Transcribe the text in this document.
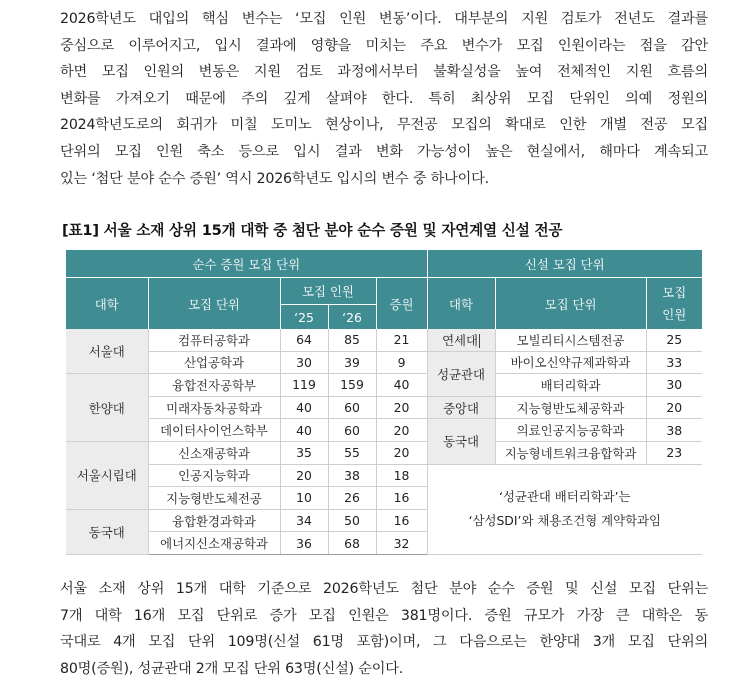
2026학년도 대입의 핵심 변수는 ‘모집 인원 변동’이다. 대부분의 지원 검토가 전년도 결과를
중심으로 이루어지고, 입시 결과에 영향을 미치는 주요 변수가 모집 인원이라는 점을 감안
하면 모집 인원의 변동은 지원 검토 과정에서부터 불확실성을 높여 전체적인 지원 흐름의
변화를 가져오기 때문에 주의 깊게 살펴야 한다. 특히 최상위 모집 단위인 의예 정원의
2024학년도로의 회귀가 미칠 도미노 현상이나, 무전공 모집의 확대로 인한 개별 전공 모집
단위의 모집 인원 축소 등으로 입시 결과 변화 가능성이 높은 현실에서, 해마다 계속되고
있는 ‘첨단 분야 순수 증원’ 역시 2026학년도 입시의 변수 중 하나이다.
[표1] 서울 소재 상위 15개 대학 중 첨단 분야 순수 증원 및 자연계열 신설 전공
순수 증원 모집 단위					신설 모집 단위		
대학	모집 단위	모집 인원		증원	대학	모집 단위	모집 인원
		‘25	‘26				
서울대	컴퓨터공학과	64	85	21	연세대	모빌리티시스템전공	25
	산업공학과	30	39	9	성균관대	바이오신약규제과학과	33
한양대	융합전자공학부	119	159	40		배터리학과	30
	미래자동차공학과	40	60	20	중앙대	지능형반도체공학과	20
	데이터사이언스학부	40	60	20	동국대	의료인공지능공학과	38
서울시립대	신소재공학과	35	55	20		지능형네트워크융합학과	23
	인공지능학과	20	38	18	‘성균관대 배터리학과’는
‘삼성SDI’와 채용조건형 계약학과임		

	지능형반도체전공	10	26	16			
동국대	융합환경과학과	34	50	16			
	에너지신소재공학과	36	68	32			
서울 소재 상위 15개 대학 기준으로 2026학년도 첨단 분야 순수 증원 및 신설 모집 단위는
7개 대학 16개 모집 단위로 증가 모집 인원은 381명이다. 증원 규모가 가장 큰 대학은 동
국대로 4개 모집 단위 109명(신설 61명 포함)이며, 그 다음으로는 한양대 3개 모집 단위의
80명(증원), 성균관대 2개 모집 단위 63명(신설) 순이다.
